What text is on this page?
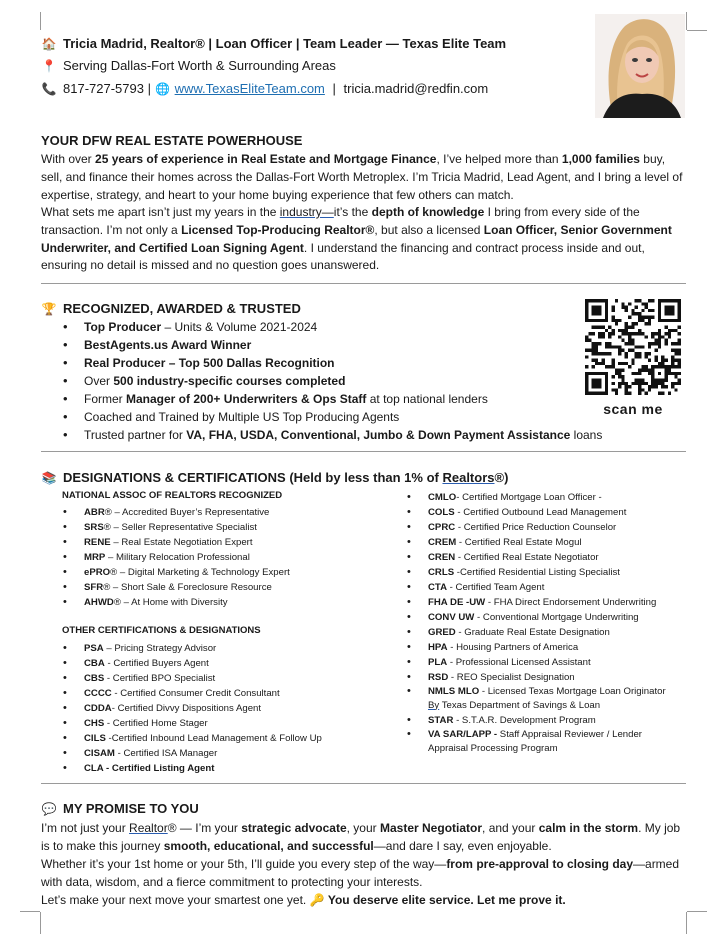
🏠 Tricia Madrid, Realtor® | Loan Officer | Team Leader — Texas Elite Team
📍 Serving Dallas-Fort Worth & Surrounding Areas
📞 817-727-5793 | 🌐 www.TexasEliteTeam.com | tricia.madrid@redfin.com
YOUR DFW REAL ESTATE POWERHOUSE
With over 25 years of experience in Real Estate and Mortgage Finance, I’ve helped more than 1,000 families buy, sell, and finance their homes across the Dallas-Fort Worth Metroplex. I’m Tricia Madrid, Lead Agent, and I bring a level of expertise, strategy, and heart to your home buying experience that few others can match.
What sets me apart isn’t just my years in the industry—it’s the depth of knowledge I bring from every side of the transaction. I’m not only a Licensed Top-Producing Realtor®, but also a licensed Loan Officer, Senior Government Underwriter, and Certified Loan Signing Agent. I understand the financing and contract process inside and out, ensuring no detail is missed and no question goes unanswered.
🏆 RECOGNIZED, AWARDED & TRUSTED
• Top Producer – Units & Volume 2021-2024
• BestAgents.us Award Winner
• Real Producer – Top 500 Dallas Recognition
• Over 500 industry-specific courses completed
• Former Manager of 200+ Underwriters & Ops Staff at top national lenders
• Coached and Trained by Multiple US Top Producing Agents
• Trusted partner for VA, FHA, USDA, Conventional, Jumbo & Down Payment Assistance loans
scan me
📚 DESIGNATIONS & CERTIFICATIONS (Held by less than 1% of Realtors®)
NATIONAL ASSOC OF REALTORS RECOGNIZED
• ABR® – Accredited Buyer’s Representative
• SRS® – Seller Representative Specialist
• RENE – Real Estate Negotiation Expert
• MRP – Military Relocation Professional
• ePRO® – Digital Marketing & Technology Expert
• SFR® – Short Sale & Foreclosure Resource
• AHWD® – At Home with Diversity
OTHER CERTIFICATIONS & DESIGNATIONS
• PSA – Pricing Strategy Advisor
• CBA - Certified Buyers Agent
• CBS - Certified BPO Specialist
• CCCC - Certified Consumer Credit Consultant
• CDDA- Certified Divvy Dispositions Agent
• CHS - Certified Home Stager
• CILS -Certified Inbound Lead Management & Follow Up
• CISAM - Certified ISA Manager
• CLA - Certified Listing Agent
• CMLO- Certified Mortgage Loan Officer -
• COLS - Certified Outbound Lead Management
• CPRC - Certified Price Reduction Counselor
• CREM - Certified Real Estate Mogul
• CREN - Certified Real Estate Negotiator
• CRLS -Certified Residential Listing Specialist
• CTA - Certified Team Agent
• FHA DE -UW - FHA Direct Endorsement Underwriting
• CONV UW - Conventional Mortgage Underwriting
• GRED - Graduate Real Estate Designation
• HPA - Housing Partners of America
• PLA - Professional Licensed Assistant
• RSD - REO Specialist Designation
• NMLS MLO - Licensed Texas Mortgage Loan Originator By Texas Department of Savings & Loan
• STAR - S.T.A.R. Development Program
• VA SAR/LAPP - Staff Appraisal Reviewer / Lender Appraisal Processing Program
💬 MY PROMISE TO YOU
I’m not just your Realtor® — I’m your strategic advocate, your Master Negotiator, and your calm in the storm. My job is to make this journey smooth, educational, and successful—and dare I say, even enjoyable.
Whether it’s your 1st home or your 5th, I’ll guide you every step of the way—from pre-approval to closing day—armed with data, wisdom, and a fierce commitment to protecting your interests.
Let’s make your next move your smartest one yet. 🔑 You deserve elite service. Let me prove it.
